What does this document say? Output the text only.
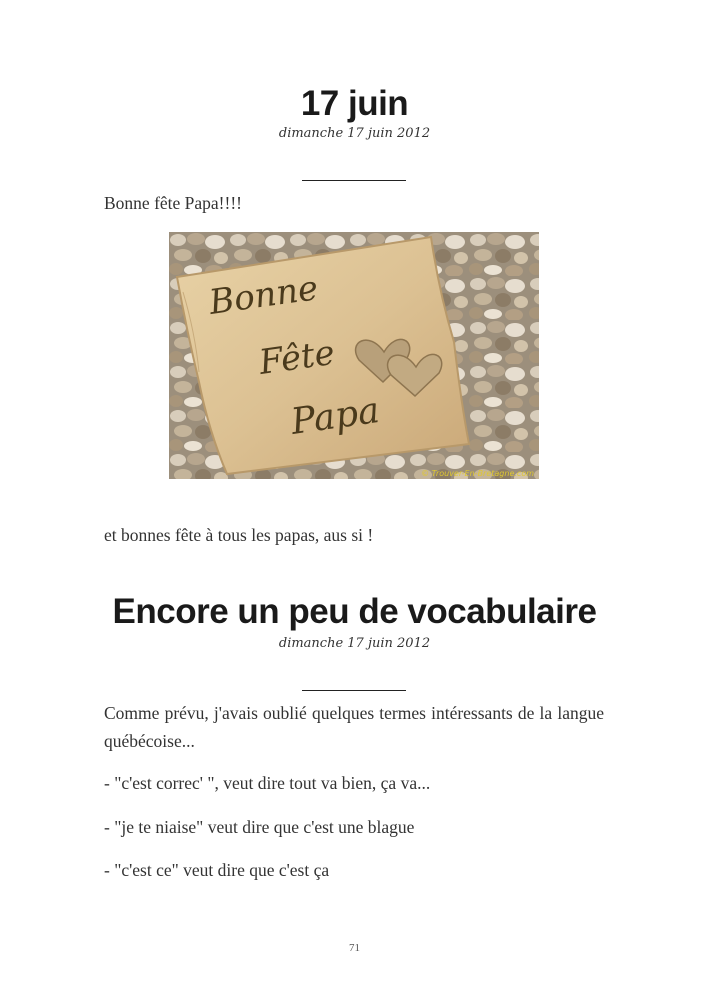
17 juin
dimanche 17 juin 2012

Bonne fête Papa!!!!

Bonne
Fête
Papa
© Trouver-En-Bretagne.com

et bonnes fête à tous les papas, aus si !

Encore un peu de vocabulaire
dimanche 17 juin 2012

Comme prévu, j'avais oublié quelques termes intéressants de la langue québécoise...

- "c'est correc' ", veut dire tout va bien, ça va...

- "je te niaise" veut dire que c'est une blague

- "c'est ce" veut dire que c'est ça

71
